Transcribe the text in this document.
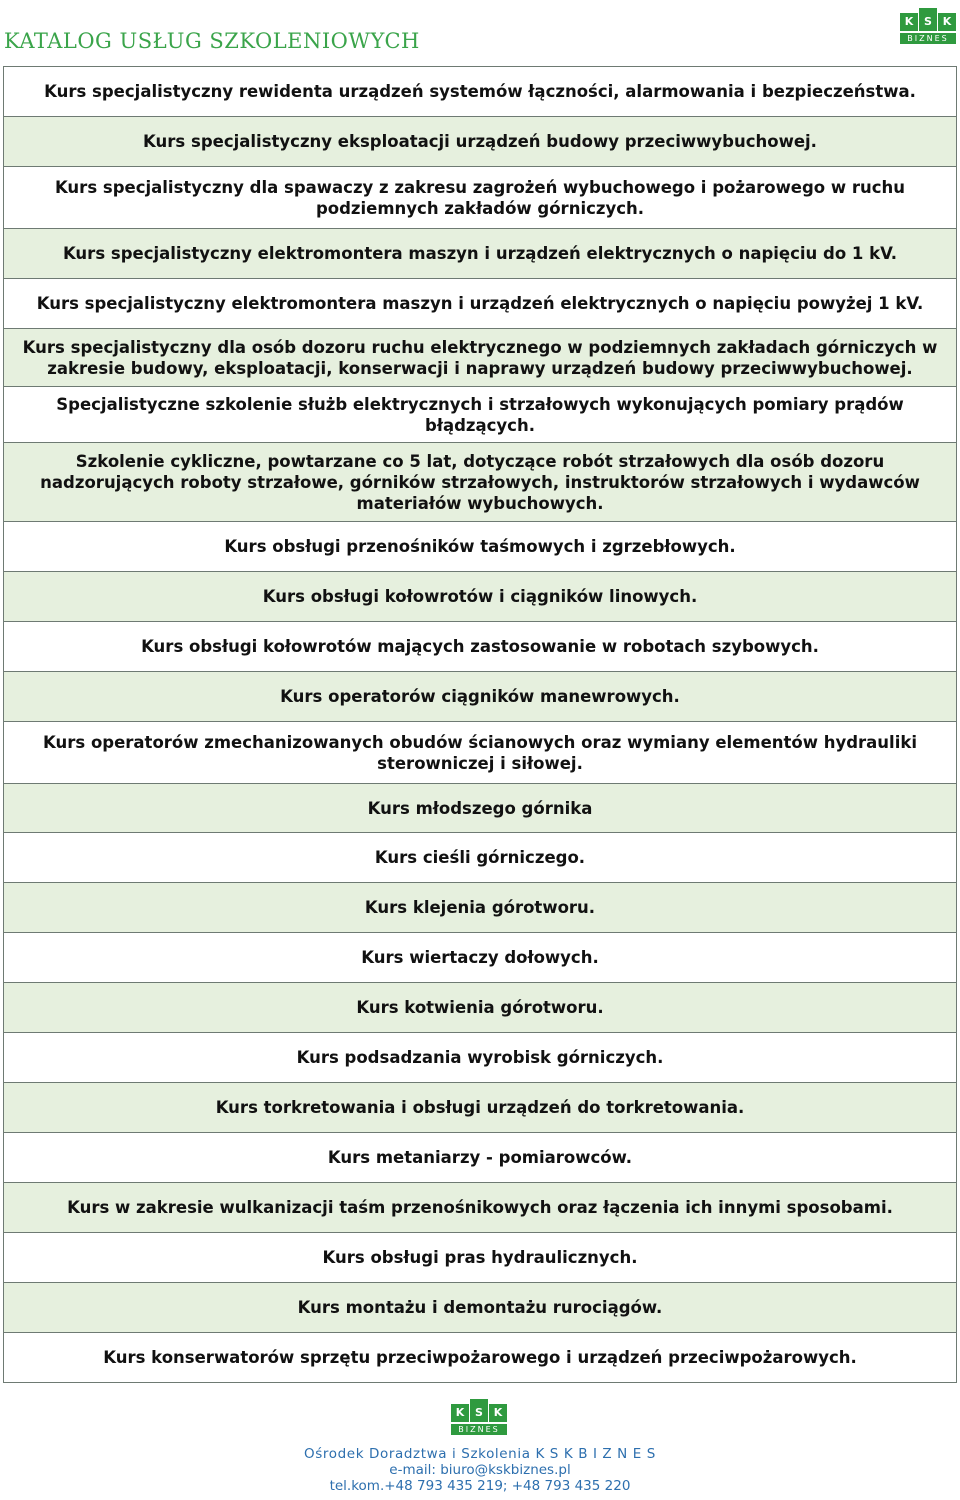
KATALOG USŁUG SZKOLENIOWYCH
K S K
BIZNES
Kurs specjalistyczny rewidenta urządzeń systemów łączności, alarmowania i bezpieczeństwa.
Kurs specjalistyczny eksploatacji urządzeń budowy przeciwwybuchowej.
Kurs specjalistyczny dla spawaczy z zakresu zagrożeń wybuchowego i pożarowego w ruchu podziemnych zakładów górniczych.
Kurs specjalistyczny elektromontera maszyn i urządzeń elektrycznych o napięciu do 1 kV.
Kurs specjalistyczny elektromontera maszyn i urządzeń elektrycznych o napięciu powyżej 1 kV.
Kurs specjalistyczny dla osób dozoru ruchu elektrycznego w podziemnych zakładach górniczych w zakresie budowy, eksploatacji, konserwacji i naprawy urządzeń budowy przeciwwybuchowej.
Specjalistyczne szkolenie służb elektrycznych i strzałowych wykonujących pomiary prądów błądzących.
Szkolenie cykliczne, powtarzane co 5 lat, dotyczące robót strzałowych dla osób dozoru nadzorujących roboty strzałowe, górników strzałowych, instruktorów strzałowych i wydawców materiałów wybuchowych.
Kurs obsługi przenośników taśmowych i zgrzebłowych.
Kurs obsługi kołowrotów i ciągników linowych.
Kurs obsługi kołowrotów mających zastosowanie w robotach szybowych.
Kurs operatorów ciągników manewrowych.
Kurs operatorów zmechanizowanych obudów ścianowych oraz wymiany elementów hydrauliki sterowniczej i siłowej.
Kurs młodszego górnika
Kurs cieśli górniczego.
Kurs klejenia górotworu.
Kurs wiertaczy dołowych.
Kurs kotwienia górotworu.
Kurs podsadzania wyrobisk górniczych.
Kurs torkretowania i obsługi urządzeń do torkretowania.
Kurs metaniarzy - pomiarowców.
Kurs w zakresie wulkanizacji taśm przenośnikowych oraz łączenia ich innymi sposobami.
Kurs obsługi pras hydraulicznych.
Kurs montażu i demontażu rurociągów.
Kurs konserwatorów sprzętu przeciwpożarowego i urządzeń przeciwpożarowych.
K S K
BIZNES
Ośrodek Doradztwa i Szkolenia K S K B I Z N E S
e-mail: biuro@kskbiznes.pl
tel.kom.+48 793 435 219; +48 793 435 220
